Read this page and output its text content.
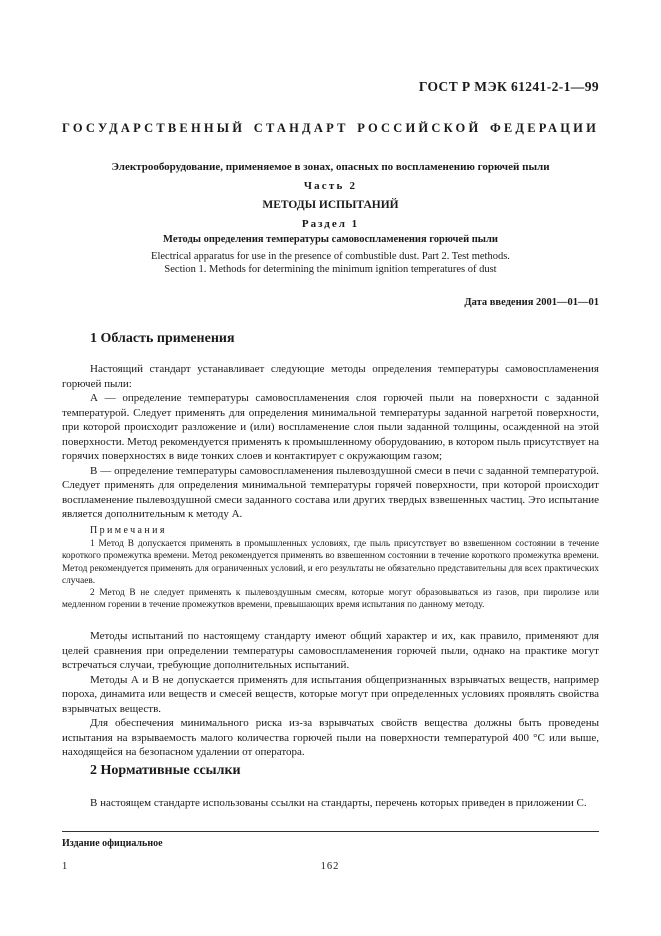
ГОСТ Р МЭК 61241-2-1—99
ГОСУДАРСТВЕННЫЙ СТАНДАРТ РОССИЙСКОЙ ФЕДЕРАЦИИ
Электрооборудование, применяемое в зонах, опасных по воспламенению горючей пыли
Часть 2
МЕТОДЫ ИСПЫТАНИЙ
Раздел 1
Методы определения температуры самовоспламенения горючей пыли
Electrical apparatus for use in the presence of combustible dust. Part 2. Test methods.
Section 1. Methods for determining the minimum ignition temperatures of dust
Дата введения 2001—01—01
1 Область применения

Настоящий стандарт устанавливает следующие методы определения температуры самовоспламенения горючей пыли:

А — определение температуры самовоспламенения слоя горючей пыли на поверхности с заданной температурой. Следует применять для определения минимальной температуры заданной нагретой поверхности, при которой происходит разложение и (или) воспламенение слоя пыли заданной толщины, осажденной на этой поверхности. Метод рекомендуется применять к промышленному оборудованию, в котором пыль присутствует на горячих поверхностях в виде тонких слоев и контактирует с окружающим газом;

В — определение температуры самовоспламенения пылевоздушной смеси в печи с заданной температурой. Следует применять для определения минимальной температуры горячей поверхности, при которой происходит воспламенение пылевоздушной смеси заданного состава или других твердых взвешенных частиц. Это испытание является дополнительным к методу А.

Примечания

1 Метод В допускается применять в промышленных условиях, где пыль присутствует во взвешенном состоянии в течение короткого промежутка времени. Метод рекомендуется применять во взвешенном состоянии в течение короткого промежутка времени. Метод рекомендуется применять для ограниченных условий, и его результаты не обязательно представительны для всех практических случаев.

2 Метод В не следует применять к пылевоздушным смесям, которые могут образовываться из газов, при пиролизе или медленном горении в течение промежутков времени, превышающих время испытания по данному методу.

Методы испытаний по настоящему стандарту имеют общий характер и их, как правило, применяют для целей сравнения при определении температуры самовоспламенения горючей пыли, однако на практике могут встречаться случаи, требующие дополнительных испытаний.

Методы А и В не допускается применять для испытания общепризнанных взрывчатых веществ, например пороха, динамита или веществ и смесей веществ, которые могут при определенных условиях проявлять свойства взрывчатых веществ.

Для обеспечения минимального риска из-за взрывчатых свойств вещества должны быть проведены испытания на взрываемость малого количества горючей пыли на поверхности температурой 400 °С или выше, находящейся на безопасном удалении от оператора.

2 Нормативные ссылки

В настоящем стандарте использованы ссылки на стандарты, перечень которых приведен в приложении С.

Издание официальное
1	162
